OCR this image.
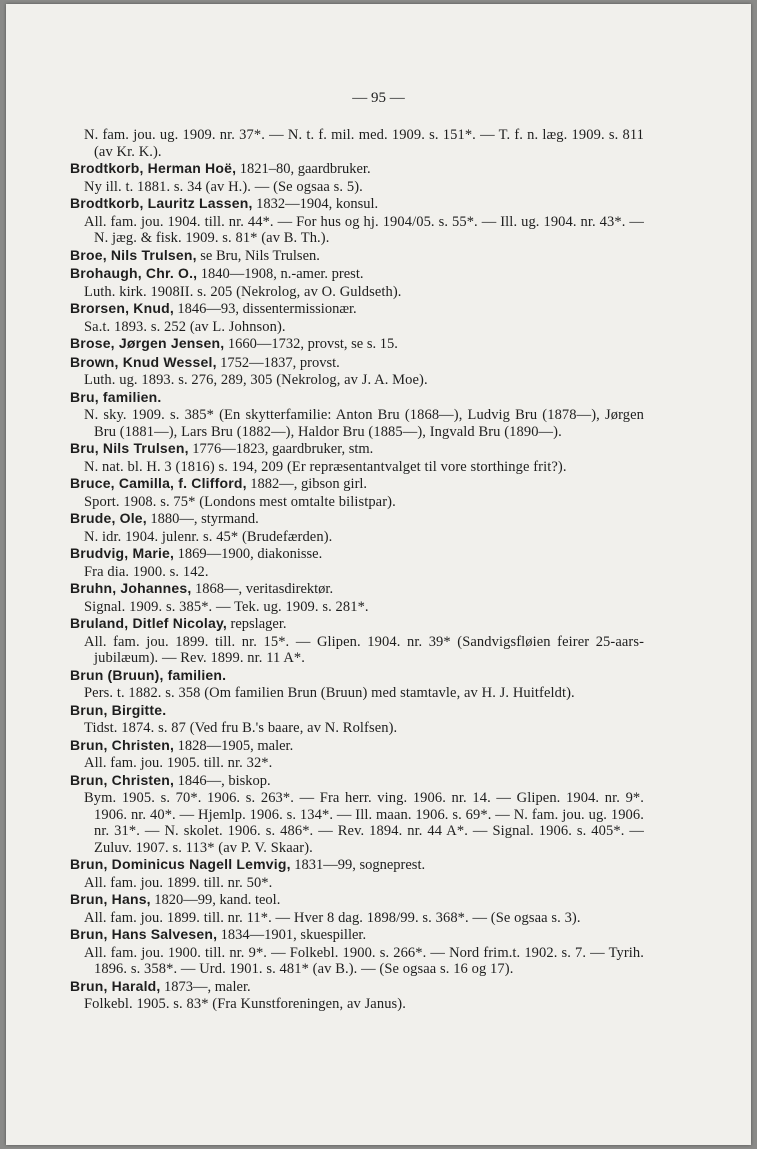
— 95 —
N. fam. jou. ug. 1909. nr. 37*. — N. t. f. mil. med. 1909. s. 151*. — T. f. n. læg. 1909. s. 811 (av Kr. K.).
Brodtkorb, Herman Hoë, 1821–80, gaardbruker.
Ny ill. t. 1881. s. 34 (av H.). — (Se ogsaa s. 5).
Brodtkorb, Lauritz Lassen, 1832—1904, konsul.
All. fam. jou. 1904. till. nr. 44*. — For hus og hj. 1904/05. s. 55*. — Ill. ug. 1904. nr. 43*. — N. jæg. & fisk. 1909. s. 81* (av B. Th.).
Broe, Nils Trulsen, se Bru, Nils Trulsen.
Brohaugh, Chr. O., 1840—1908, n.-amer. prest.
Luth. kirk. 1908II. s. 205 (Nekrolog, av O. Guldseth).
Brorsen, Knud, 1846—93, dissentermissionær.
Sa.t. 1893. s. 252 (av L. Johnson).
Brose, Jørgen Jensen, 1660—1732, provst, se s. 15.
Brown, Knud Wessel, 1752—1837, provst.
Luth. ug. 1893. s. 276, 289, 305 (Nekrolog, av J. A. Moe).
Bru, familien.
N. sky. 1909. s. 385* (En skytterfamilie: Anton Bru (1868—), Ludvig Bru (1878—), Jørgen Bru (1881—), Lars Bru (1882—), Haldor Bru (1885—), Ingvald Bru (1890—).
Bru, Nils Trulsen, 1776—1823, gaardbruker, stm.
N. nat. bl. H. 3 (1816) s. 194, 209 (Er repræsentantvalget til vore storthinge frit?).
Bruce, Camilla, f. Clifford, 1882—, gibson girl.
Sport. 1908. s. 75* (Londons mest omtalte bilistpar).
Brude, Ole, 1880—, styrmand.
N. idr. 1904. julenr. s. 45* (Brudefærden).
Brudvig, Marie, 1869—1900, diakonisse.
Fra dia. 1900. s. 142.
Bruhn, Johannes, 1868—, veritasdirektør.
Signal. 1909. s. 385*. — Tek. ug. 1909. s. 281*.
Bruland, Ditlef Nicolay, repslager.
All. fam. jou. 1899. till. nr. 15*. — Glipen. 1904. nr. 39* (Sandvigsfløien feirer 25-aars-jubilæum). — Rev. 1899. nr. 11 A*.
Brun (Bruun), familien.
Pers. t. 1882. s. 358 (Om familien Brun (Bruun) med stamtavle, av H. J. Huitfeldt).
Brun, Birgitte.
Tidst. 1874. s. 87 (Ved fru B.'s baare, av N. Rolfsen).
Brun, Christen, 1828—1905, maler.
All. fam. jou. 1905. till. nr. 32*.
Brun, Christen, 1846—, biskop.
Bym. 1905. s. 70*. 1906. s. 263*. — Fra herr. ving. 1906. nr. 14. — Glipen. 1904. nr. 9*. 1906. nr. 40*. — Hjemlp. 1906. s. 134*. — Ill. maan. 1906. s. 69*. — N. fam. jou. ug. 1906. nr. 31*. — N. skolet. 1906. s. 486*. — Rev. 1894. nr. 44 A*. — Signal. 1906. s. 405*. — Zuluv. 1907. s. 113* (av P. V. Skaar).
Brun, Dominicus Nagell Lemvig, 1831—99, sogneprest.
All. fam. jou. 1899. till. nr. 50*.
Brun, Hans, 1820—99, kand. teol.
All. fam. jou. 1899. till. nr. 11*. — Hver 8 dag. 1898/99. s. 368*. — (Se ogsaa s. 3).
Brun, Hans Salvesen, 1834—1901, skuespiller.
All. fam. jou. 1900. till. nr. 9*. — Folkebl. 1900. s. 266*. — Nord frim.t. 1902. s. 7. — Tyrih. 1896. s. 358*. — Urd. 1901. s. 481* (av B.). — (Se ogsaa s. 16 og 17).
Brun, Harald, 1873—, maler.
Folkebl. 1905. s. 83* (Fra Kunstforeningen, av Janus).
